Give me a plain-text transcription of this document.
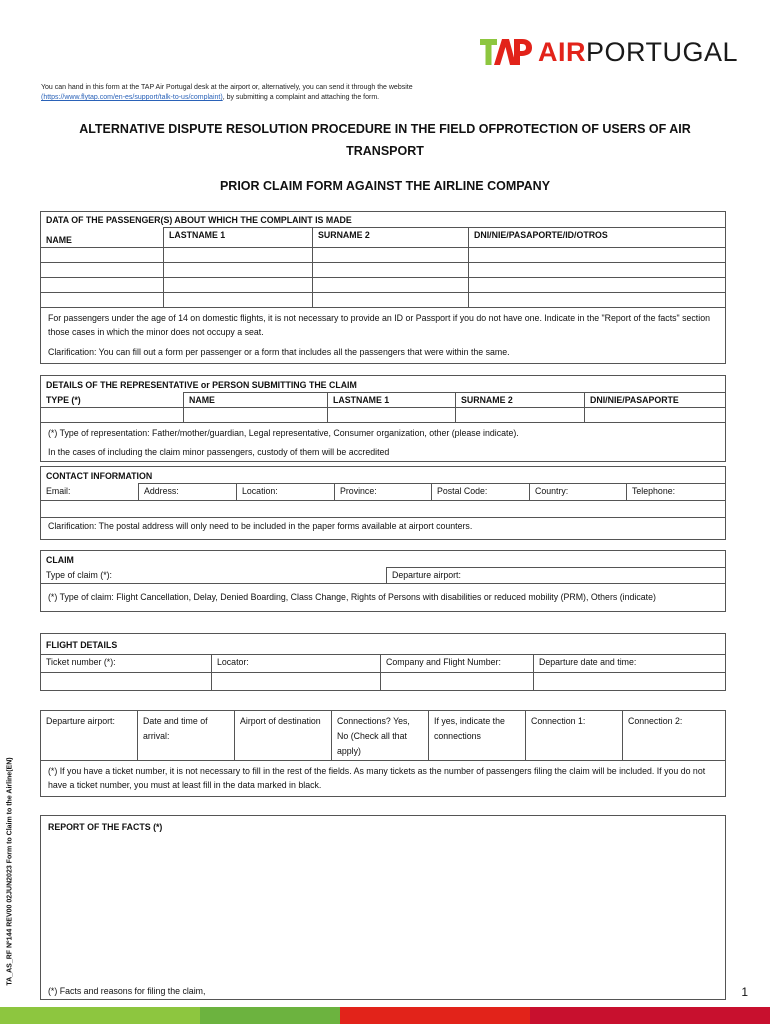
AIRPORTUGAL
You can hand in this form at the TAP Air Portugal desk at the airport or, alternatively, you can send it through the website
(https://www.flytap.com/en-es/support/talk-to-us/complaint), by submitting a complaint and attaching the form.
ALTERNATIVE DISPUTE RESOLUTION PROCEDURE IN THE FIELD OFPROTECTION OF USERS OF AIR
TRANSPORT
PRIOR CLAIM FORM AGAINST THE AIRLINE COMPANY
DATA OF THE PASSENGER(S) ABOUT WHICH THE COMPLAINT IS MADE			
NAME	LASTNAME 1	SURNAME 2	DNI/NIE/PASAPORTE/ID/OTROS

For passengers under the age of 14 on domestic flights, it is not necessary to provide an ID or Passport if you do not have one. Indicate in the "Report of the facts" section those cases in which the minor does not occupy a seat.
Clarification: You can fill out a form per passenger or a form that includes all the passengers that were within the same.			
DETAILS OF THE REPRESENTATIVE or PERSON SUBMITTING THE CLAIM				
TYPE (*)	NAME	LASTNAME 1	SURNAME 2	DNI/NIE/PASAPORTE

(*) Type of representation: Father/mother/guardian, Legal representative, Consumer organization, other (please indicate).
In the cases of including the claim minor passengers, custody of them will be accredited				
CONTACT INFORMATION
Email:	Address:	Location:	Province:	Postal Code:	Country:	Telephone:

Clarification: The postal address will only need to be included in the paper forms available at airport counters.
CLAIM
Type of claim (*):	Departure airport:
(*) Type of claim: Flight Cancellation, Delay, Denied Boarding, Class Change, Rights of Persons with disabilities or reduced mobility (PRM), Others (indicate)
FLIGHT DETAILS			
Ticket number (*):	Locator:	Company and Flight Number:	Departure date and time:

Departure airport:	Date and time of arrival:	Airport of destination	Connections? Yes, No (Check all that apply)	If yes, indicate the connections	Connection 1:	Connection 2:
(*) If you have a ticket number, it is not necessary to fill in the rest of the fields. As many tickets as the number of passengers filing the claim will be included. If you do not have a ticket number, you must at least fill in the data marked in black.
REPORT OF THE FACTS (*)
(*) Facts and reasons for filing the claim,
TA_AS_RF Nº144 REV00 02JUN2023 Form to Claim to the Airline(EN)
1
